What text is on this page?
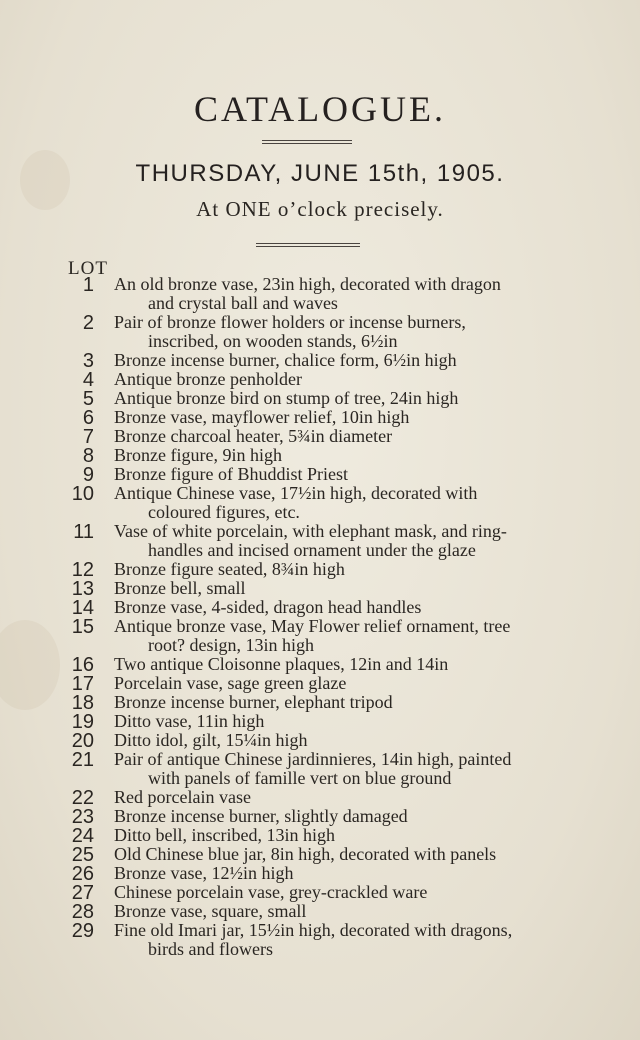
CATALOGUE.
THURSDAY, JUNE 15th, 1905.
At ONE o’clock precisely.
LOT
1 An old bronze vase, 23in high, decorated with dragon
and crystal ball and waves
2 Pair of bronze flower holders or incense burners,
inscribed, on wooden stands, 6½in
3 Bronze incense burner, chalice form, 6½in high
4 Antique bronze penholder
5 Antique bronze bird on stump of tree, 24in high
6 Bronze vase, mayflower relief, 10in high
7 Bronze charcoal heater, 5¾in diameter
8 Bronze figure, 9in high
9 Bronze figure of Bhuddist Priest
10 Antique Chinese vase, 17½in high, decorated with
coloured figures, etc.
11 Vase of white porcelain, with elephant mask, and ring-
handles and incised ornament under the glaze
12 Bronze figure seated, 8¾in high
13 Bronze bell, small
14 Bronze vase, 4-sided, dragon head handles
15 Antique bronze vase, May Flower relief ornament, tree
root? design, 13in high
16 Two antique Cloisonne plaques, 12in and 14in
17 Porcelain vase, sage green glaze
18 Bronze incense burner, elephant tripod
19 Ditto vase, 11in high
20 Ditto idol, gilt, 15¼in high
21 Pair of antique Chinese jardinnieres, 14in high, painted
with panels of famille vert on blue ground
22 Red porcelain vase
23 Bronze incense burner, slightly damaged
24 Ditto bell, inscribed, 13in high
25 Old Chinese blue jar, 8in high, decorated with panels
26 Bronze vase, 12½in high
27 Chinese porcelain vase, grey-crackled ware
28 Bronze vase, square, small
29 Fine old Imari jar, 15½in high, decorated with dragons,
birds and flowers
